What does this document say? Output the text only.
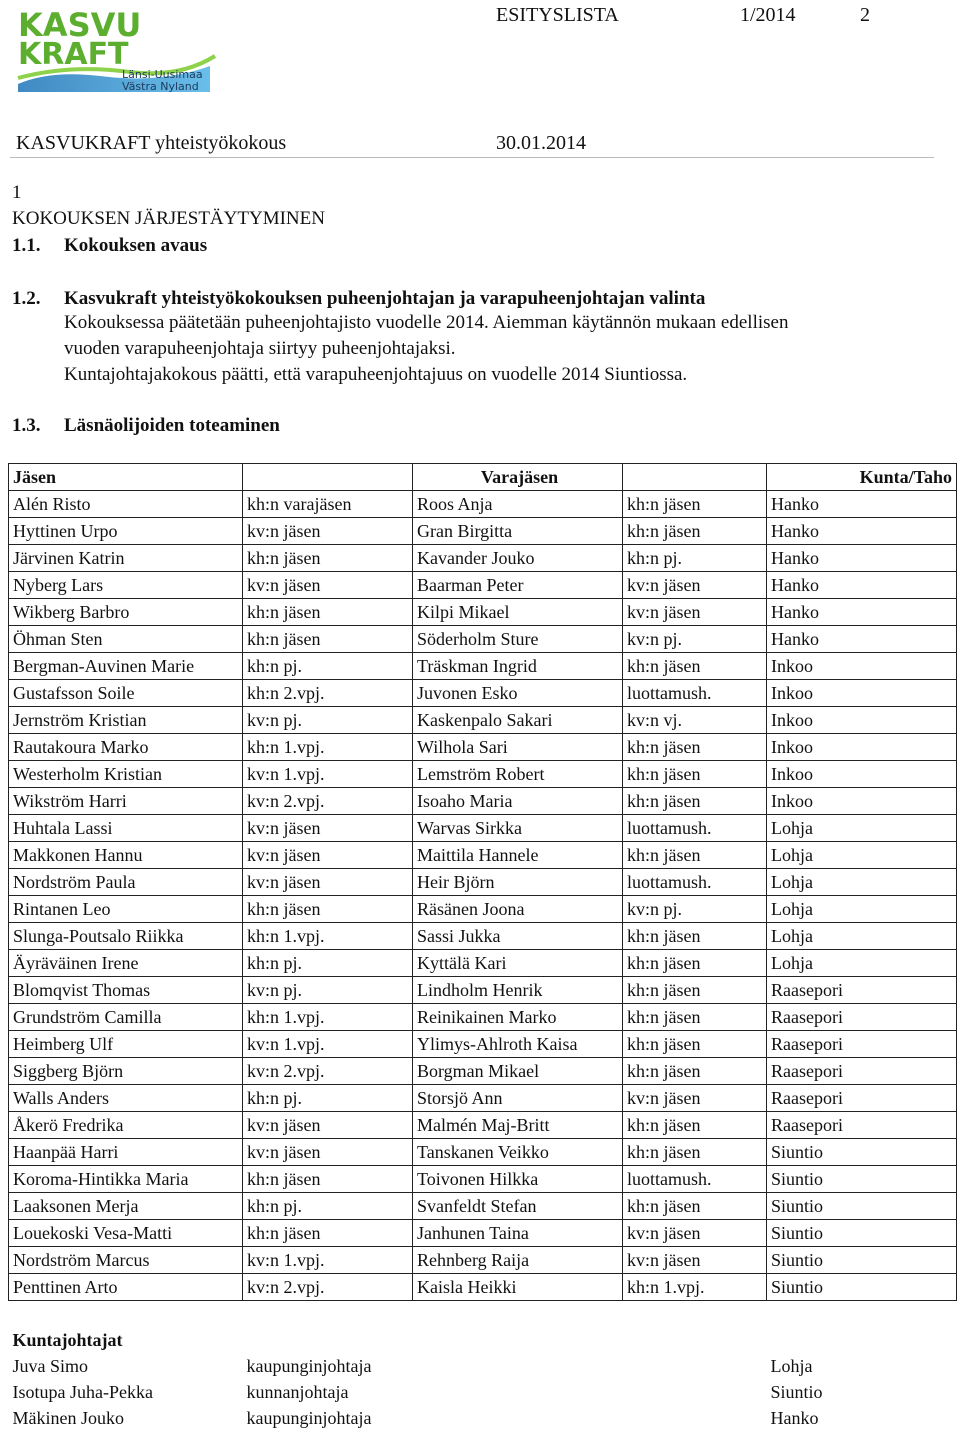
KASVU
KRAFT
Länsi-Uusimaa
Västra Nyland
ESITYSLISTA	1/2014	2
KASVUKRAFT yhteistyökokous	30.01.2014
1
KOKOUKSEN JÄRJESTÄYTYMINEN
1.1. Kokouksen avaus
1.2. Kasvukraft yhteistyökokouksen puheenjohtajan ja varapuheenjohtajan valinta
Kokouksessa päätetään puheenjohtajisto vuodelle 2014. Aiemman käytännön mukaan edellisen
vuoden varapuheenjohtaja siirtyy puheenjohtajaksi.
Kuntajohtajakokous päätti, että varapuheenjohtajuus on vuodelle 2014 Siuntiossa.
1.3. Läsnäolijoiden toteaminen
Jäsen		Varajäsen		Kunta/Taho
Alén Risto	kh:n varajäsen	Roos Anja	kh:n jäsen	Hanko
Hyttinen Urpo	kv:n jäsen	Gran Birgitta	kh:n jäsen	Hanko
Järvinen Katrin	kh:n jäsen	Kavander Jouko	kh:n pj.	Hanko
Nyberg Lars	kv:n jäsen	Baarman Peter	kv:n jäsen	Hanko
Wikberg Barbro	kh:n jäsen	Kilpi Mikael	kv:n jäsen	Hanko
Öhman Sten	kh:n jäsen	Söderholm Sture	kv:n pj.	Hanko
Bergman-Auvinen Marie	kh:n pj.	Träskman Ingrid	kh:n jäsen	Inkoo
Gustafsson Soile	kh:n 2.vpj.	Juvonen Esko	luottamush.	Inkoo
Jernström Kristian	kv:n pj.	Kaskenpalo Sakari	kv:n vj.	Inkoo
Rautakoura Marko	kh:n 1.vpj.	Wilhola Sari	kh:n jäsen	Inkoo
Westerholm Kristian	kv:n 1.vpj.	Lemström Robert	kh:n jäsen	Inkoo
Wikström Harri	kv:n 2.vpj.	Isoaho Maria	kh:n jäsen	Inkoo
Huhtala Lassi	kv:n jäsen	Warvas Sirkka	luottamush.	Lohja
Makkonen Hannu	kv:n jäsen	Maittila Hannele	kh:n jäsen	Lohja
Nordström Paula	kv:n jäsen	Heir Björn	luottamush.	Lohja
Rintanen Leo	kh:n jäsen	Räsänen Joona	kv:n pj.	Lohja
Slunga-Poutsalo Riikka	kh:n 1.vpj.	Sassi Jukka	kh:n jäsen	Lohja
Äyräväinen Irene	kh:n pj.	Kyttälä Kari	kh:n jäsen	Lohja
Blomqvist Thomas	kv:n pj.	Lindholm Henrik	kh:n jäsen	Raasepori
Grundström Camilla	kh:n 1.vpj.	Reinikainen Marko	kh:n jäsen	Raasepori
Heimberg Ulf	kv:n 1.vpj.	Ylimys-Ahlroth Kaisa	kh:n jäsen	Raasepori
Siggberg Björn	kv:n 2.vpj.	Borgman Mikael	kh:n jäsen	Raasepori
Walls Anders	kh:n pj.	Storsjö Ann	kv:n jäsen	Raasepori
Åkerö Fredrika	kv:n jäsen	Malmén Maj-Britt	kh:n jäsen	Raasepori
Haanpää Harri	kv:n jäsen	Tanskanen Veikko	kh:n jäsen	Siuntio
Koroma-Hintikka Maria	kh:n jäsen	Toivonen Hilkka	luottamush.	Siuntio
Laaksonen Merja	kh:n pj.	Svanfeldt Stefan	kh:n jäsen	Siuntio
Louekoski Vesa-Matti	kh:n jäsen	Janhunen Taina	kv:n jäsen	Siuntio
Nordström Marcus	kv:n 1.vpj.	Rehnberg Raija	kv:n jäsen	Siuntio
Penttinen Arto	kv:n 2.vpj.	Kaisla Heikki	kh:n 1.vpj.	Siuntio

Kuntajohtajat				
Juva Simo	kaupunginjohtaja			Lohja
Isotupa Juha-Pekka	kunnanjohtaja			Siuntio
Mäkinen Jouko	kaupunginjohtaja			Hanko
